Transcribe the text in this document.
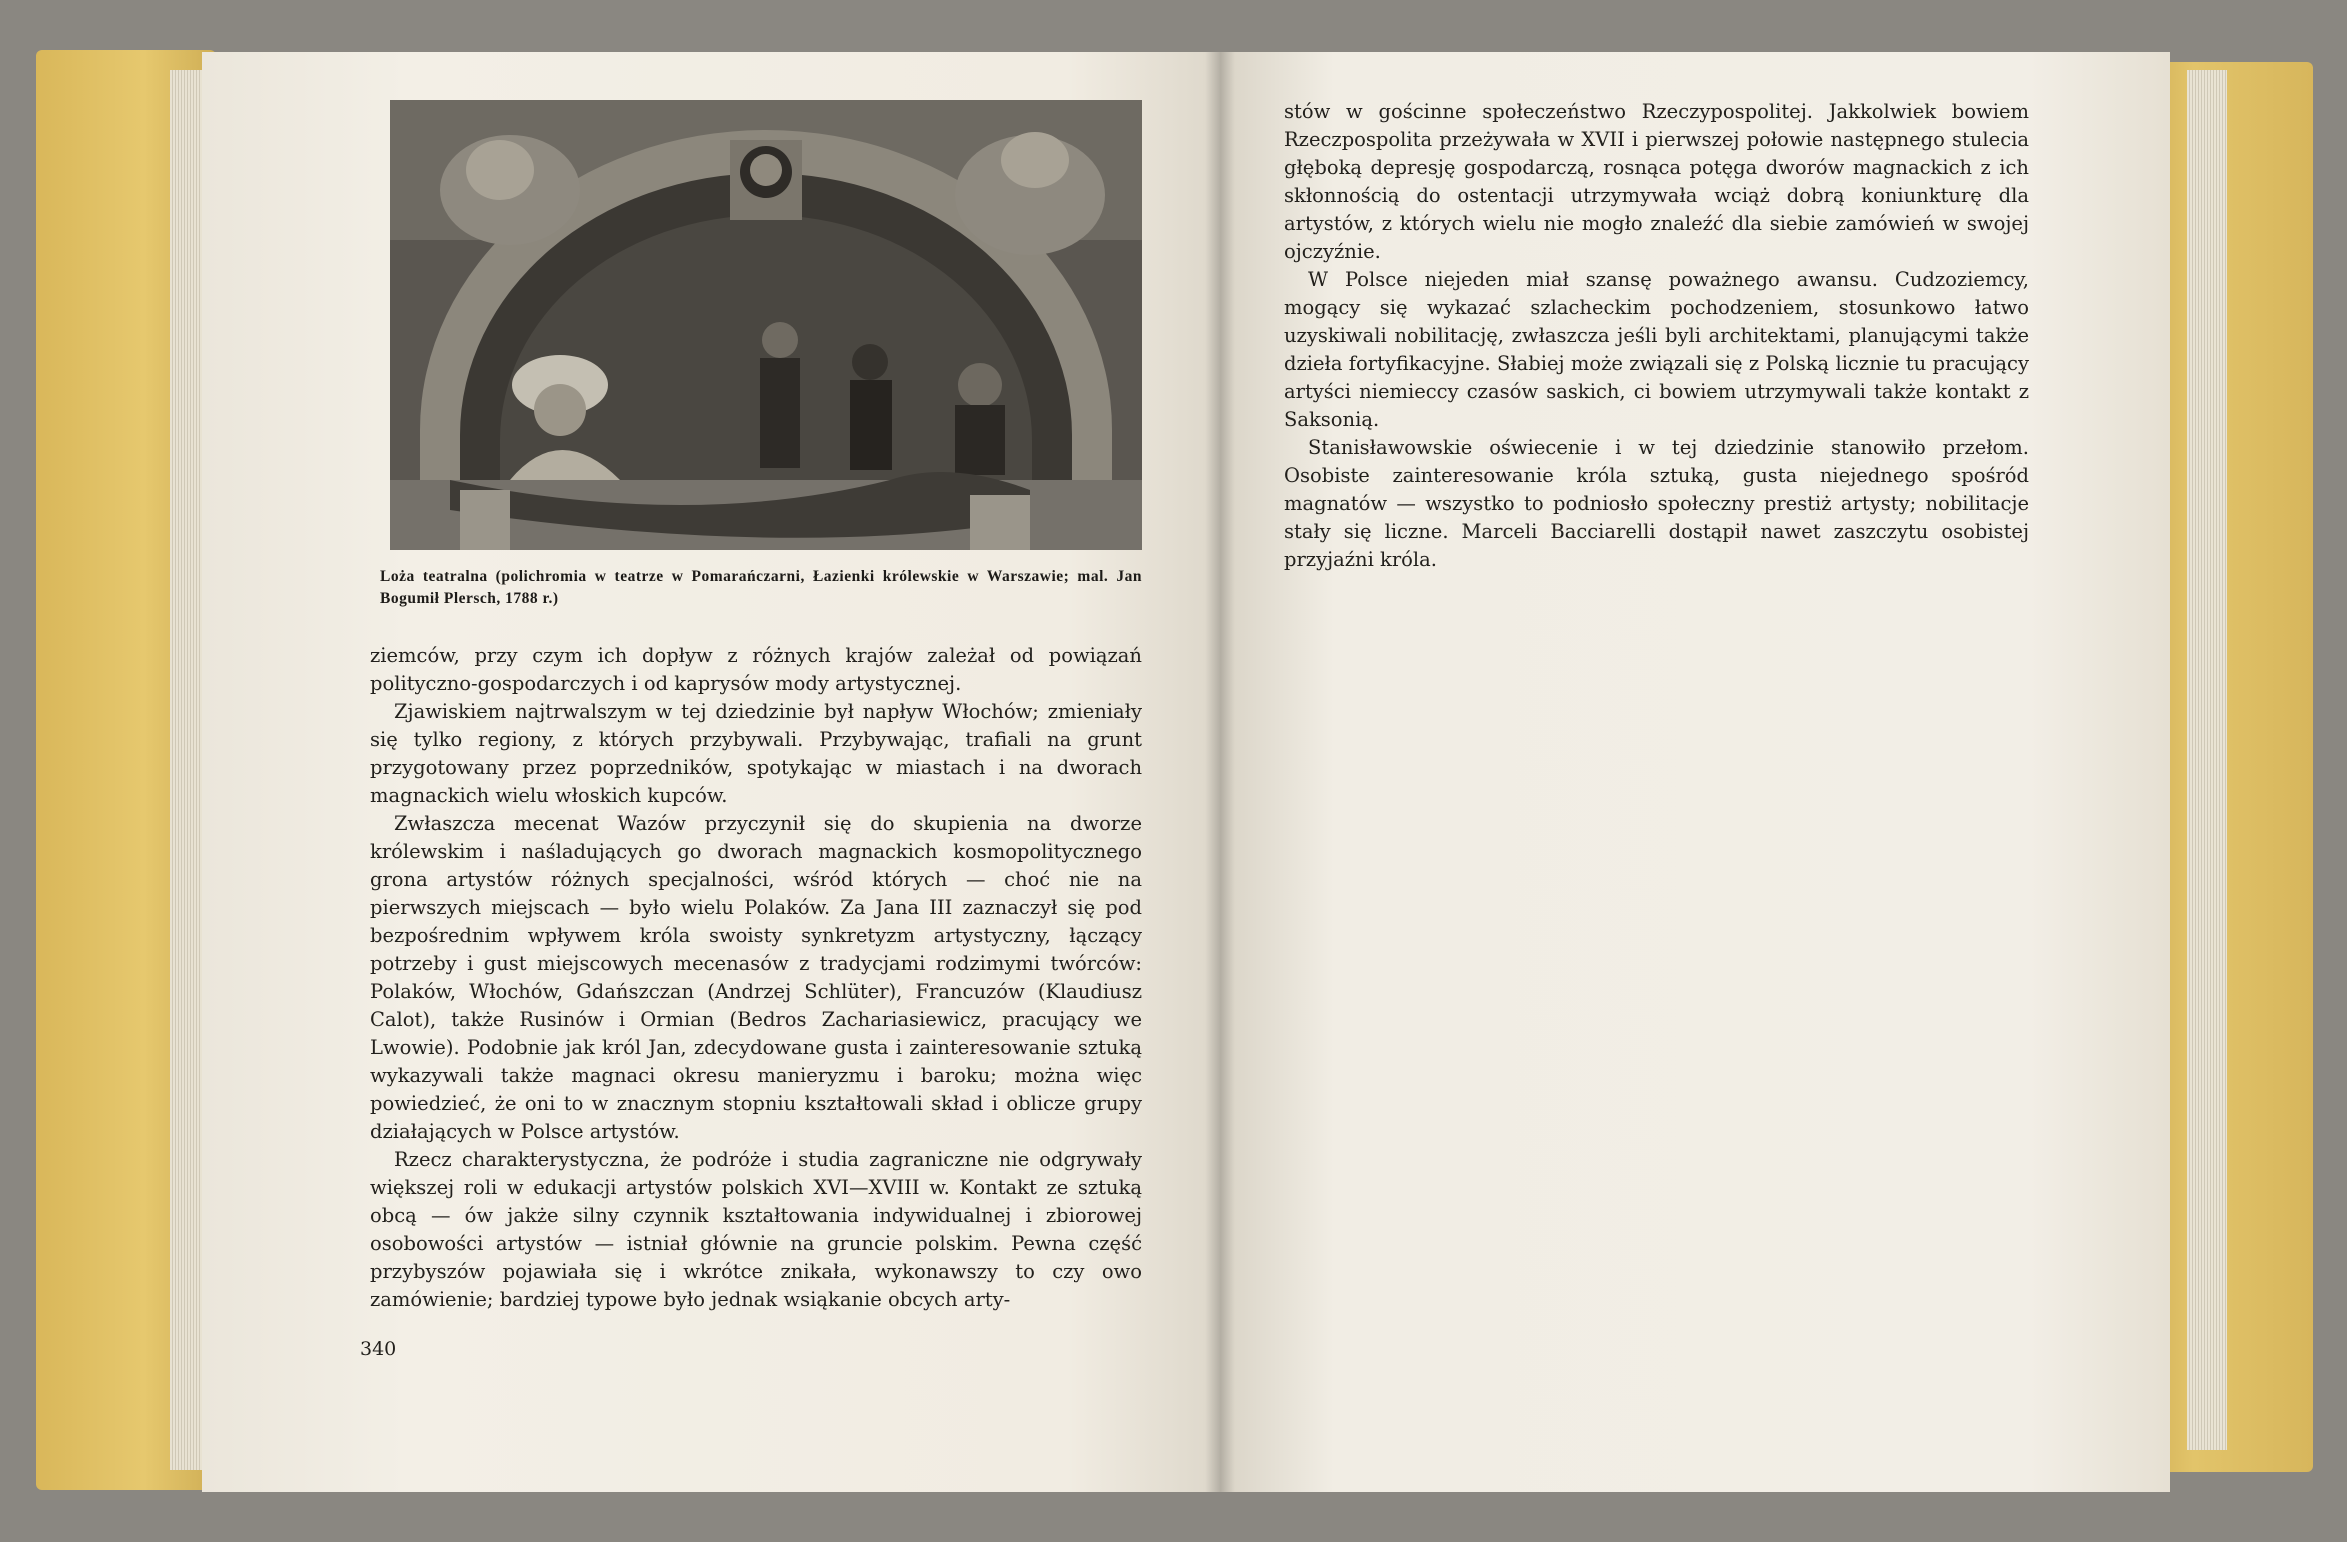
Loża teatralna (polichromia w teatrze w Pomarańczarni, Łazienki królewskie w Warszawie; mal. Jan Bogumił Plersch, 1788 r.)

ziemców, przy czym ich dopływ z różnych krajów zależał od powiązań polityczno-gospodarczych i od kaprysów mody artystycznej.

Zjawiskiem najtrwalszym w tej dziedzinie był napływ Włochów; zmieniały się tylko regiony, z których przybywali. Przybywając, trafiali na grunt przygotowany przez poprzedników, spotykając w miastach i na dworach magnackich wielu włoskich kupców.

Zwłaszcza mecenat Wazów przyczynił się do skupienia na dworze królewskim i naśladujących go dworach magnackich kosmopolitycznego grona artystów różnych specjalności, wśród których — choć nie na pierwszych miejscach — było wielu Polaków. Za Jana III zaznaczył się pod bezpośrednim wpływem króla swoisty synkretyzm artystyczny, łączący potrzeby i gust miejscowych mecenasów z tradycjami rodzimymi twórców: Polaków, Włochów, Gdańszczan (Andrzej Schlüter), Francuzów (Klaudiusz Calot), także Rusinów i Ormian (Bedros Zachariasiewicz, pracujący we Lwowie). Podobnie jak król Jan, zdecydowane gusta i zainteresowanie sztuką wykazywali także magnaci okresu manieryzmu i baroku; można więc powiedzieć, że oni to w znacznym stopniu kształtowali skład i oblicze grupy działających w Polsce artystów.

Rzecz charakterystyczna, że podróże i studia zagraniczne nie odgrywały większej roli w edukacji artystów polskich XVI—XVIII w. Kontakt ze sztuką obcą — ów jakże silny czynnik kształtowania indywidualnej i zbiorowej osobowości artystów — istniał głównie na gruncie polskim. Pewna część przybyszów pojawiała się i wkrótce znikała, wykonawszy to czy owo zamówienie; bardziej typowe było jednak wsiąkanie obcych arty-

340

stów w gościnne społeczeństwo Rzeczypospolitej. Jakkolwiek bowiem Rzeczpospolita przeżywała w XVII i pierwszej połowie następnego stulecia głęboką depresję gospodarczą, rosnąca potęga dworów magnackich z ich skłonnością do ostentacji utrzymywała wciąż dobrą koniunkturę dla artystów, z których wielu nie mogło znaleźć dla siebie zamówień w swojej ojczyźnie.

W Polsce niejeden miał szansę poważnego awansu. Cudzoziemcy, mogący się wykazać szlacheckim pochodzeniem, stosunkowo łatwo uzyskiwali nobilitację, zwłaszcza jeśli byli architektami, planującymi także dzieła fortyfikacyjne. Słabiej może związali się z Polską licznie tu pracujący artyści niemieccy czasów saskich, ci bowiem utrzymywali także kontakt z Saksonią.

Stanisławowskie oświecenie i w tej dziedzinie stanowiło przełom. Osobiste zainteresowanie króla sztuką, gusta niejednego spośród magnatów — wszystko to podniosło społeczny prestiż artysty; nobilitacje stały się liczne. Marceli Bacciarelli dostąpił nawet zaszczytu osobistej przyjaźni króla.
